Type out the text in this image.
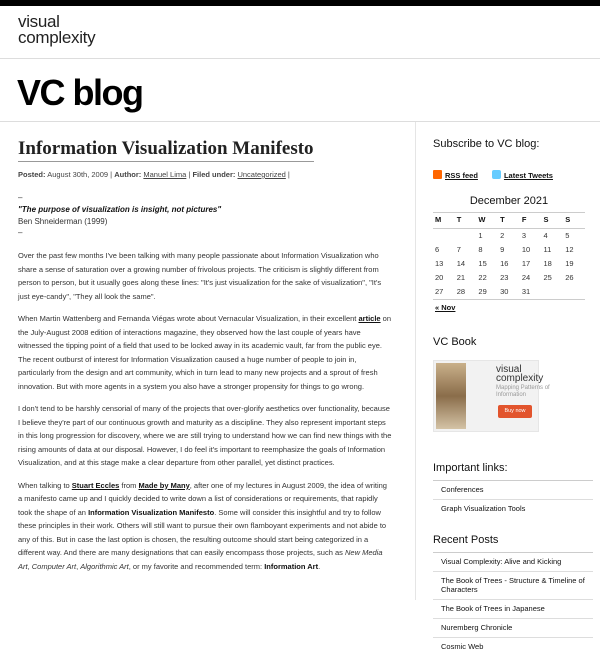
visual
complexity
VC blog
Information Visualization Manifesto
Posted: August 30th, 2009 | Author: Manuel Lima | Filed under: Uncategorized |
–
"The purpose of visualization is insight, not pictures"
Ben Shneiderman (1999)
–

Over the past few months I've been talking with many people passionate about Information Visualization who share a sense of saturation over a growing number of frivolous projects. The criticism is slightly different from person to person, but it usually goes along these lines: "It's just visualization for the sake of visualization", "It's just eye-candy", "They all look the same".

When Martin Wattenberg and Fernanda Viégas wrote about Vernacular Visualization, in their excellent article on the July-August 2008 edition of interactions magazine, they observed how the last couple of years have witnessed the tipping point of a field that used to be locked away in its academic vault, far from the public eye. The recent outburst of interest for Information Visualization caused a huge number of people to join in, particularly from the design and art community, which in turn lead to many new projects and a sprout of fresh innovation. But with more agents in a system you also have a stronger propensity for things to go wrong.

I don't tend to be harshly censorial of many of the projects that over-glorify aesthetics over functionality, because I believe they're part of our continuous growth and maturity as a discipline. They also represent important steps in this long progression for discovery, where we are still trying to understand how we can find new things with the rising amounts of data at our disposal. However, I do feel it's important to reemphasize the goals of Information Visualization, and at this stage make a clear departure from other parallel, yet distinct practices.

When talking to Stuart Eccles from Made by Many, after one of my lectures in August 2009, the idea of writing a manifesto came up and I quickly decided to write down a list of considerations or requirements, that rapidly took the shape of an Information Visualization Manifesto. Some will consider this insightful and try to follow these principles in their work. Others will still want to pursue their own flamboyant experiments and not abide to any of this. But in case the last option is chosen, the resulting outcome should start being categorized in a different way. And there are many designations that can easily encompass those projects, such as New Media Art, Computer Art, Algorithmic Art, or my favorite and recommended term: Information Art.

Subscribe to VC blog:
RSS feed	Latest Tweets
December 2021
M	T	W	T	F	S	S
		1	2	3	4	5
6	7	8	9	10	11	12
13	14	15	16	17	18	19
20	21	22	23	24	25	26
27	28	29	30	31		
« Nov						
VC Book
visual
complexity
Mapping Patterns of Information
Buy now
Important links:
Conferences
Graph Visualization Tools
Recent Posts
Visual Complexity: Alive and Kicking
The Book of Trees - Structure & Timeline of Characters
The Book of Trees in Japanese
Nuremberg Chronicle
Cosmic Web
